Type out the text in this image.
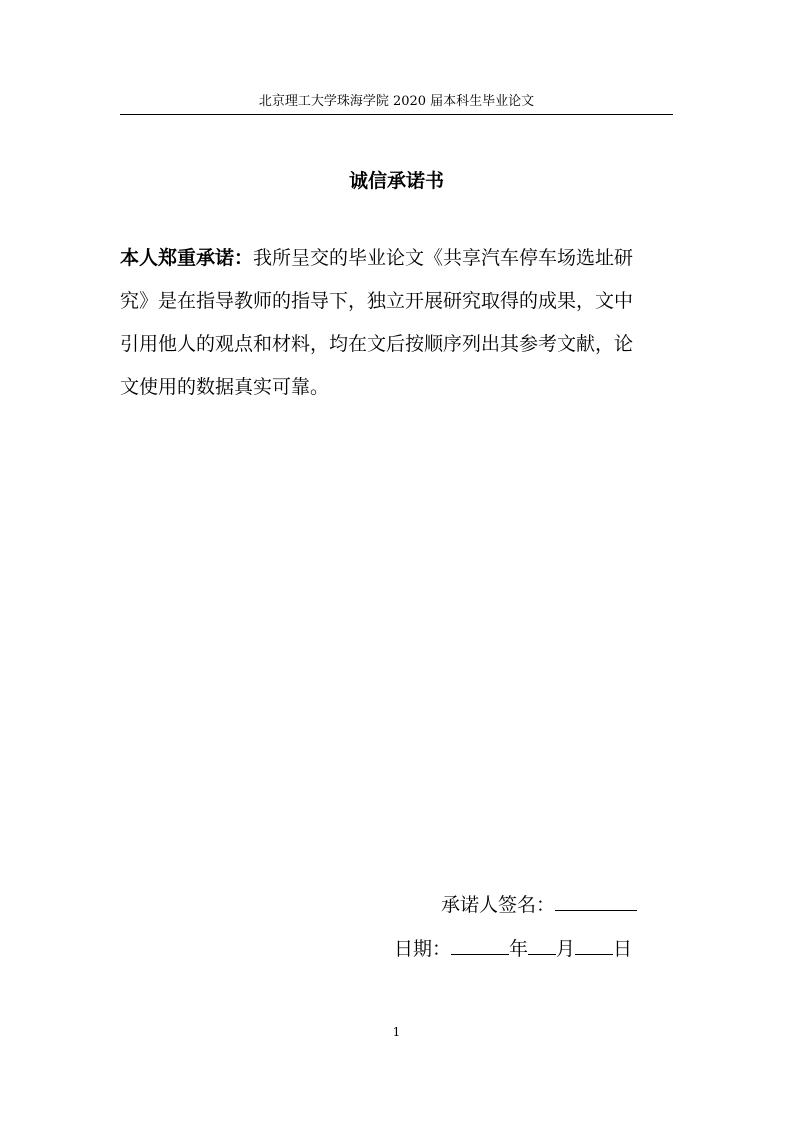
北京理工大学珠海学院 2020 届本科生毕业论文
诚信承诺书

本人郑重承诺：我所呈交的毕业论文《共享汽车停车场选址研究》是在指导教师的指导下，独立开展研究取得的成果，文中引用他人的观点和材料，均在文后按顺序列出其参考文献，论文使用的数据真实可靠。

承诺人签名：
日期：	年 月 日
1
